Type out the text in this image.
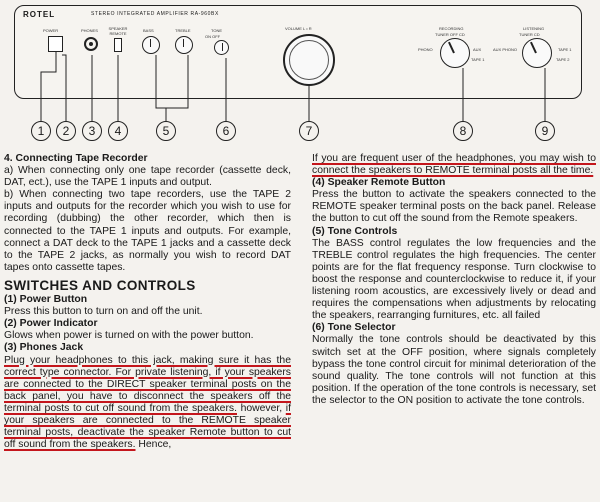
ROTEL	STEREO INTEGRATED AMPLIFIER RA-960BX
POWER	PHONES	SPEAKER REMOTE
BASS	TREBLE	TONE
ON OFF
VOLUME L • R	RECORDING
TUNER OFF CD
PHONO	AUX
TAPE 1
LISTENING
TUNER CD
AUX PHONO	TAPE 1
TAPE 2
1	2	3	4	5	6	7	8	9
4. Connecting Tape Recorder

a) When connecting only one tape recorder (cassette deck, DAT, ect.), use the TAPE 1 inputs and output.

b) When connecting two tape recorders, use the TAPE 2 inputs and outputs for the recorder which you wish to use for recording (dubbing) the other recorder, which then is connected to the TAPE 1 inputs and outputs. For example, connect a DAT deck to the TAPE 1 jacks and a cassette deck to the TAPE 2 jacks, as normally you wish to record DAT tapes onto cassette tapes.

SWITCHES AND CONTROLS
(1) Power Button

Press this button to turn on and off the unit.

(2) Power Indicator

Glows when power is turned on with the power button.

(3) Phones Jack

Plug your headphones to this jack, making sure it has the correct type connector. For private listening, if your speakers are connected to the DIRECT speaker terminal posts on the back panel, you have to disconnect the speakers off the terminal posts to cut off sound from the speakers. however, if your speakers are connected to the REMOTE speaker terminal posts, deactivate the speaker Remote button to cut off sound from the speakers. Hence,

If you are frequent user of the headphones, you may wish to connect the speakers to REMOTE terminal posts all the time.

(4) Speaker Remote Button

Press the button to activate the speakers connected to the REMOTE speaker terminal posts on the back panel. Release the button to cut off the sound from the Remote speakers.

(5) Tone Controls

The BASS control regulates the low frequencies and the TREBLE control regulates the high frequencies. The center points are for the flat frequency response. Turn clockwise to boost the response and counterclockwise to reduce it, if your listening room acoustics, are excessively lively or dead and requires the compensations when adjustments by relocating the speakers, rearranging furnitures, etc. all failed

(6) Tone Selector

Normally the tone controls should be deactivated by this switch set at the OFF position, where signals completely bypass the tone control circuit for minimal deterioration of the sound quality. The tone controls will not function at this position. If the operation of the tone controls is necessary, set the selector to the ON position to activate the tone controls.
